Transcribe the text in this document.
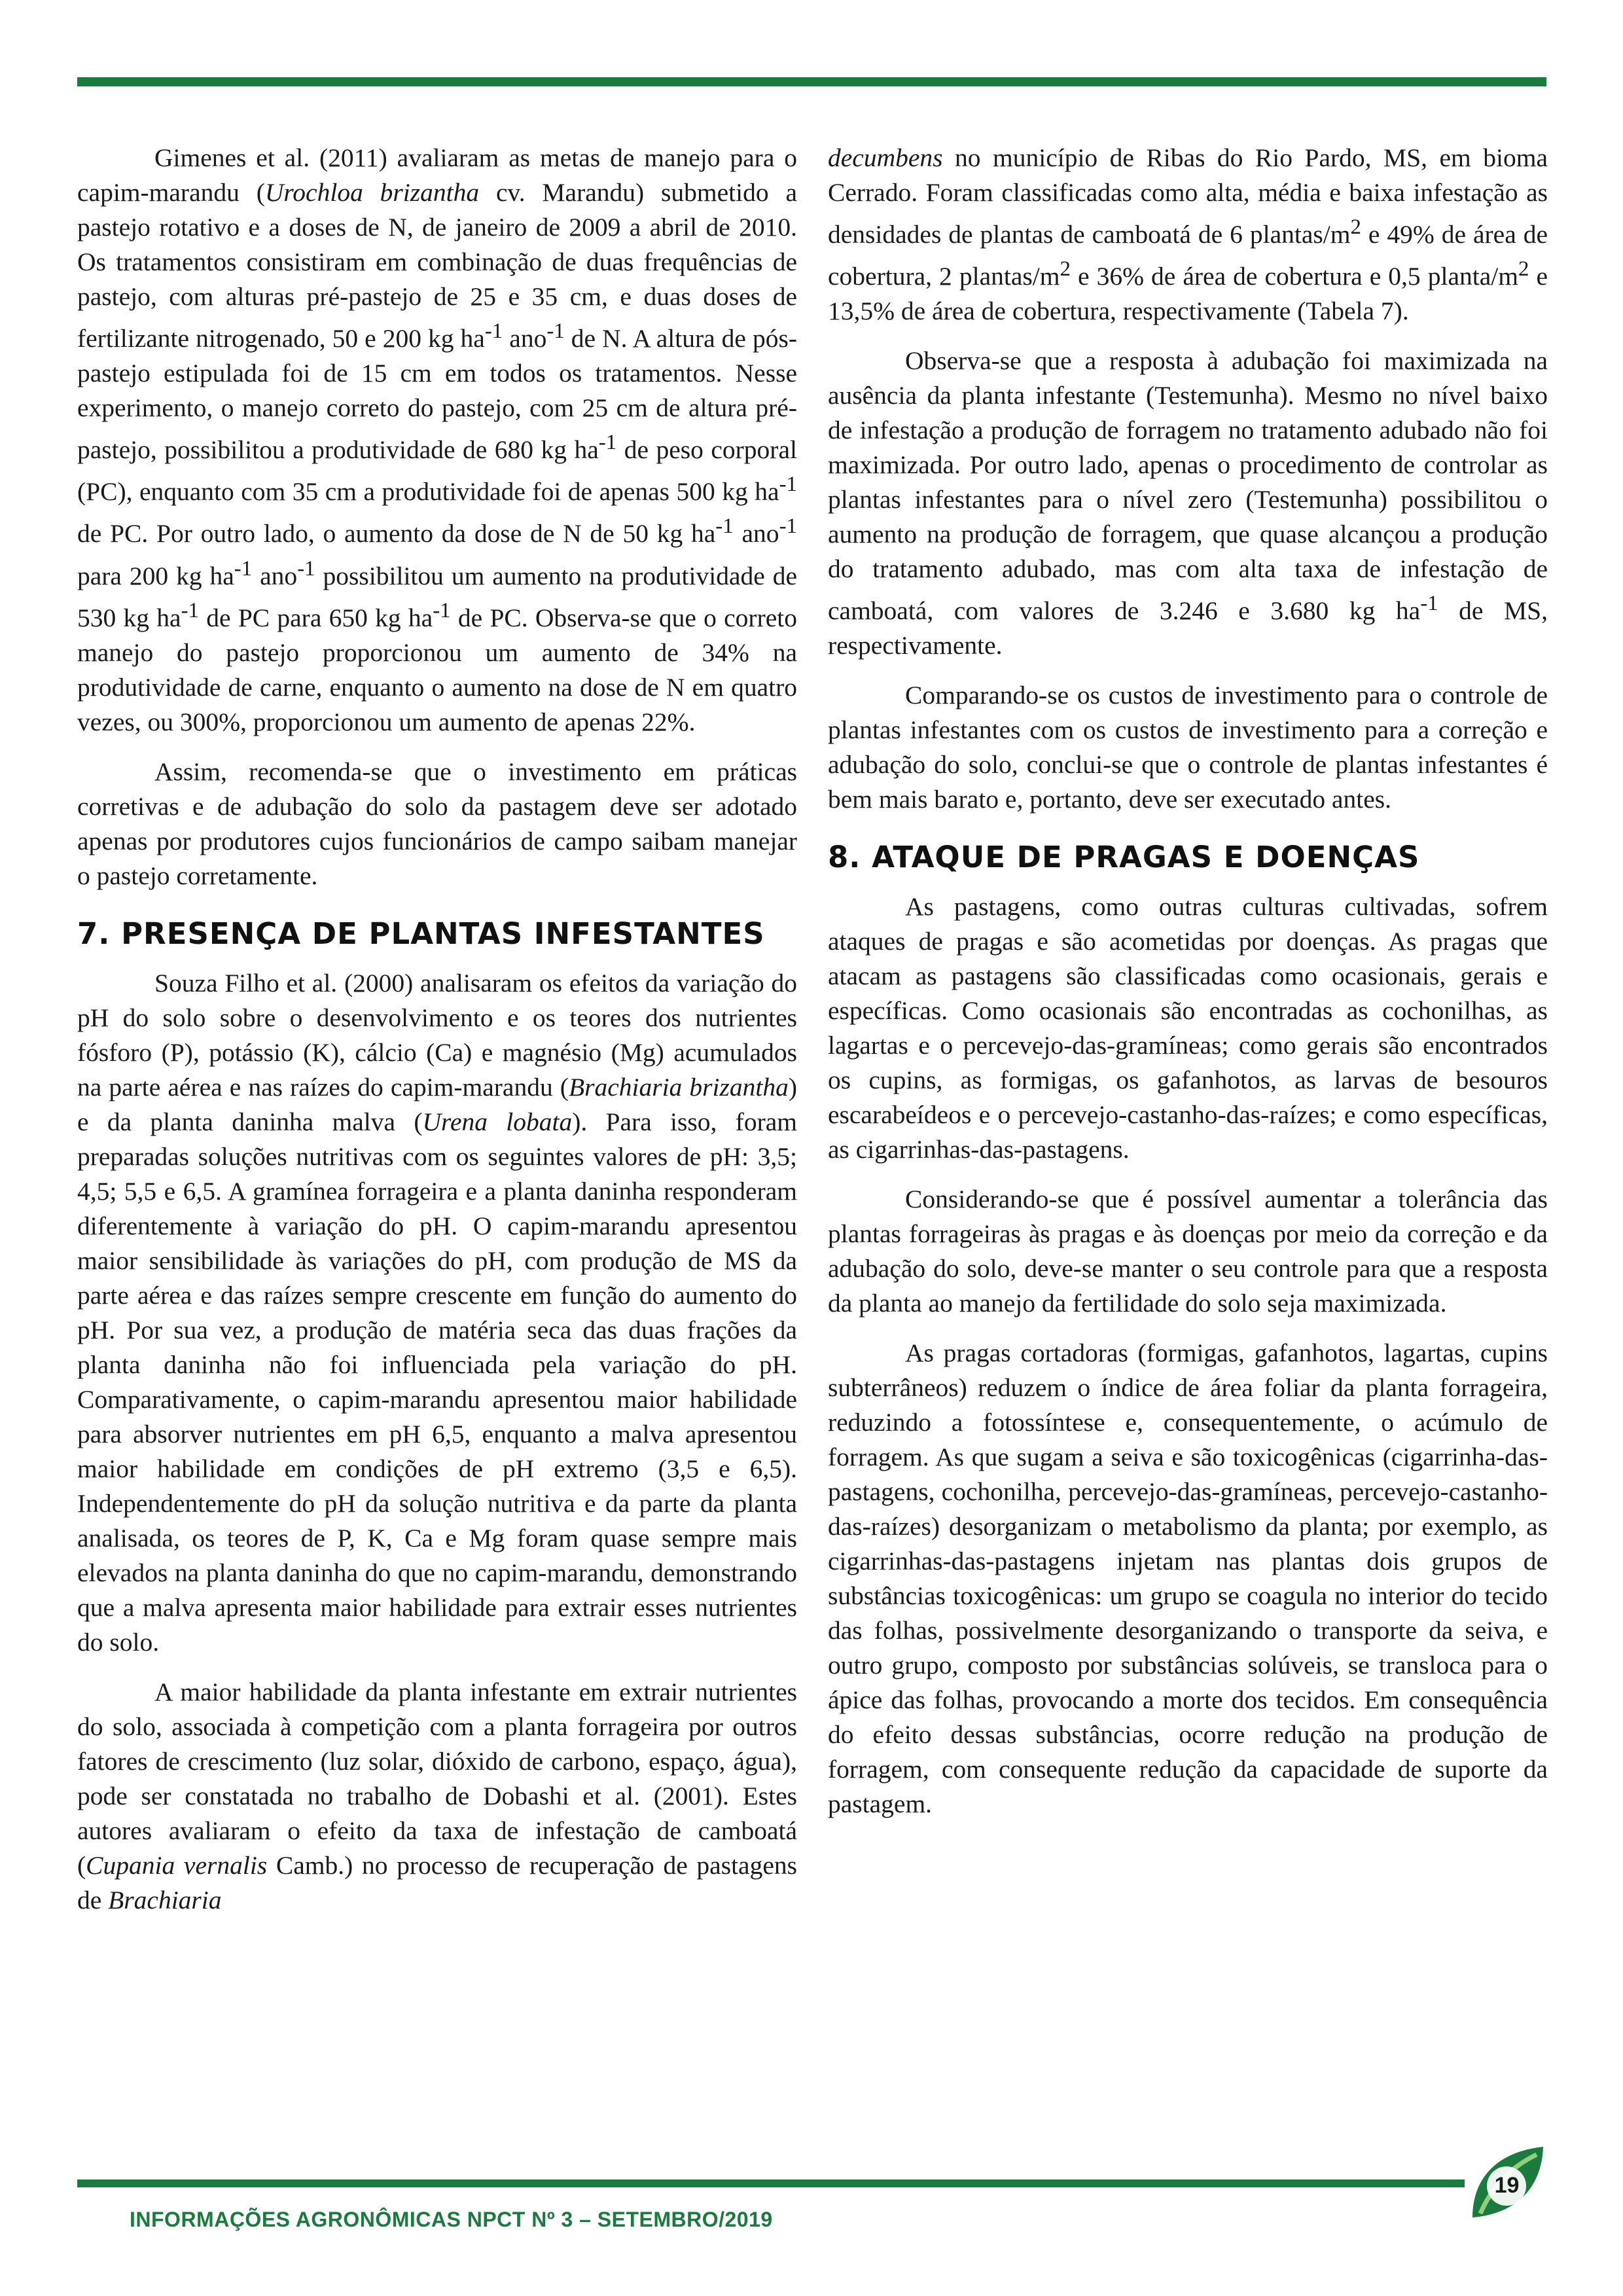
Gimenes et al. (2011) avaliaram as metas de manejo para o capim-marandu (Urochloa brizantha cv. Marandu) submetido a pastejo rotativo e a doses de N, de janeiro de 2009 a abril de 2010. Os tratamentos consistiram em combinação de duas frequências de pastejo, com alturas pré-pastejo de 25 e 35 cm, e duas doses de fertilizante nitrogenado, 50 e 200 kg $ha^{-1}$ ano$^{-1}$ de N. A altura de pós-pastejo estipulada foi de 15 cm em todos os tratamentos. Nesse experimento, o manejo correto do pastejo, com 25 cm de altura pré-pastejo, possibilitou a produtividade de 680 kg $ha^{-1}$ de peso corporal (PC), enquanto com 35 cm a produtividade foi de apenas 500 kg $ha^{-1}$ de PC. Por outro lado, o aumento da dose de N de 50 kg $ha^{-1}$ ano$^{-1}$ para 200 kg $ha^{-1}$ ano$^{-1}$ possibilitou um aumento na produtividade de 530 kg $ha^{-1}$ de PC para 650 kg $ha^{-1}$ de PC. Observa-se que o correto manejo do pastejo proporcionou um aumento de 34% na produtividade de carne, enquanto o aumento na dose de N em quatro vezes, ou 300%, proporcionou um aumento de apenas 22%.

Assim, recomenda-se que o investimento em práticas corretivas e de adubação do solo da pastagem deve ser adotado apenas por produtores cujos funcionários de campo saibam manejar o pastejo corretamente.

7. PRESENÇA DE PLANTAS INFESTANTES

Souza Filho et al. (2000) analisaram os efeitos da variação do pH do solo sobre o desenvolvimento e os teores dos nutrientes fósforo (P), potássio (K), cálcio (Ca) e magnésio (Mg) acumulados na parte aérea e nas raízes do capim-marandu (Brachiaria brizantha) e da planta daninha malva (Urena lobata). Para isso, foram preparadas soluções nutritivas com os seguintes valores de pH: 3,5; 4,5; 5,5 e 6,5. A gramínea forrageira e a planta daninha responderam diferentemente à variação do pH. O capim-marandu apresentou maior sensibilidade às variações do pH, com produção de MS da parte aérea e das raízes sempre crescente em função do aumento do pH. Por sua vez, a produção de matéria seca das duas frações da planta daninha não foi influenciada pela variação do pH. Comparativamente, o capim-marandu apresentou maior habilidade para absorver nutrientes em pH 6,5, enquanto a malva apresentou maior habilidade em condições de pH extremo (3,5 e 6,5). Independentemente do pH da solução nutritiva e da parte da planta analisada, os teores de P, K, Ca e Mg foram quase sempre mais elevados na planta daninha do que no capim-marandu, demonstrando que a malva apresenta maior habilidade para extrair esses nutrientes do solo.

A maior habilidade da planta infestante em extrair nutrientes do solo, associada à competição com a planta forrageira por outros fatores de crescimento (luz solar, dióxido de carbono, espaço, água), pode ser constatada no trabalho de Dobashi et al. (2001). Estes autores avaliaram o efeito da taxa de infestação de camboatá (Cupania vernalis Camb.) no processo de recuperação de pastagens de Brachiaria

decumbens no município de Ribas do Rio Pardo, MS, em bioma Cerrado. Foram classificadas como alta, média e baixa infestação as densidades de plantas de camboatá de 6 plantas/$m^2$ e 49% de área de cobertura, 2 plantas/$m^2$ e 36% de área de cobertura e 0,5 planta/$m^2$ e 13,5% de área de cobertura, respectivamente (Tabela 7).

Observa-se que a resposta à adubação foi maximizada na ausência da planta infestante (Testemunha). Mesmo no nível baixo de infestação a produção de forragem no tratamento adubado não foi maximizada. Por outro lado, apenas o procedimento de controlar as plantas infestantes para o nível zero (Testemunha) possibilitou o aumento na produção de forragem, que quase alcançou a produção do tratamento adubado, mas com alta taxa de infestação de camboatá, com valores de 3.246 e 3.680 kg $ha^{-1}$ de MS, respectivamente.

Comparando-se os custos de investimento para o controle de plantas infestantes com os custos de investimento para a correção e adubação do solo, conclui-se que o controle de plantas infestantes é bem mais barato e, portanto, deve ser executado antes.

8. ATAQUE DE PRAGAS E DOENÇAS

As pastagens, como outras culturas cultivadas, sofrem ataques de pragas e são acometidas por doenças. As pragas que atacam as pastagens são classificadas como ocasionais, gerais e específicas. Como ocasionais são encontradas as cochonilhas, as lagartas e o percevejo-das-gramíneas; como gerais são encontrados os cupins, as formigas, os gafanhotos, as larvas de besouros escarabeídeos e o percevejo-castanho-das-raízes; e como específicas, as cigarrinhas-das-pastagens.

Considerando-se que é possível aumentar a tolerância das plantas forrageiras às pragas e às doenças por meio da correção e da adubação do solo, deve-se manter o seu controle para que a resposta da planta ao manejo da fertilidade do solo seja maximizada.

As pragas cortadoras (formigas, gafanhotos, lagartas, cupins subterrâneos) reduzem o índice de área foliar da planta forrageira, reduzindo a fotossíntese e, consequentemente, o acúmulo de forragem. As que sugam a seiva e são toxicogênicas (cigarrinha-das-pastagens, cochonilha, percevejo-das-gramíneas, percevejo-castanho-das-raízes) desorganizam o metabolismo da planta; por exemplo, as cigarrinhas-das-pastagens injetam nas plantas dois grupos de substâncias toxicogênicas: um grupo se coagula no interior do tecido das folhas, possivelmente desorganizando o transporte da seiva, e outro grupo, composto por substâncias solúveis, se transloca para o ápice das folhas, provocando a morte dos tecidos. Em consequência do efeito dessas substâncias, ocorre redução na produção de forragem, com consequente redução da capacidade de suporte da pastagem.

INFORMAÇÕES AGRONÔMICAS NPCT Nº 3 – SETEMBRO/2019
19
